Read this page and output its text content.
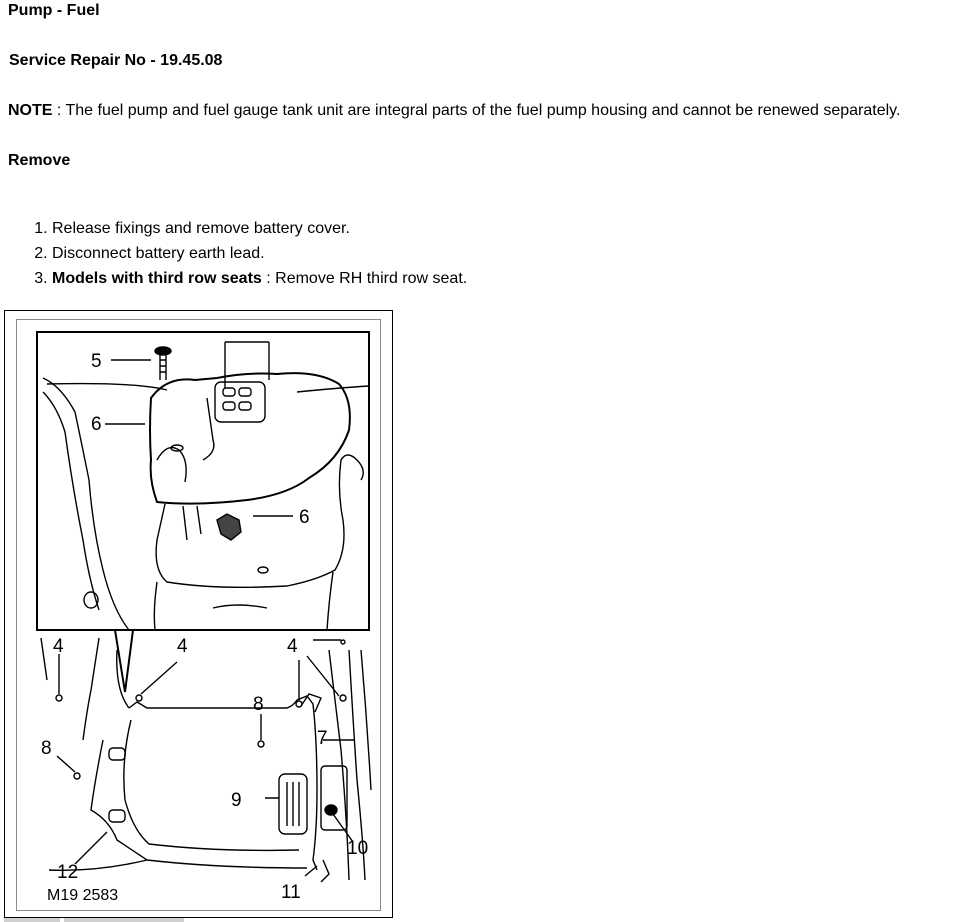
Pump - Fuel
Service Repair No - 19.45.08
NOTE : The fuel pump and fuel gauge tank unit are integral parts of the fuel pump housing and cannot be renewed separately.
Remove
1. Release fixings and remove battery cover.
2. Disconnect battery earth lead.
3. Models with third row seats : Remove RH third row seat.
5
6
6
4	4	4
8
8	7
9
10
12
11
M19 2583
